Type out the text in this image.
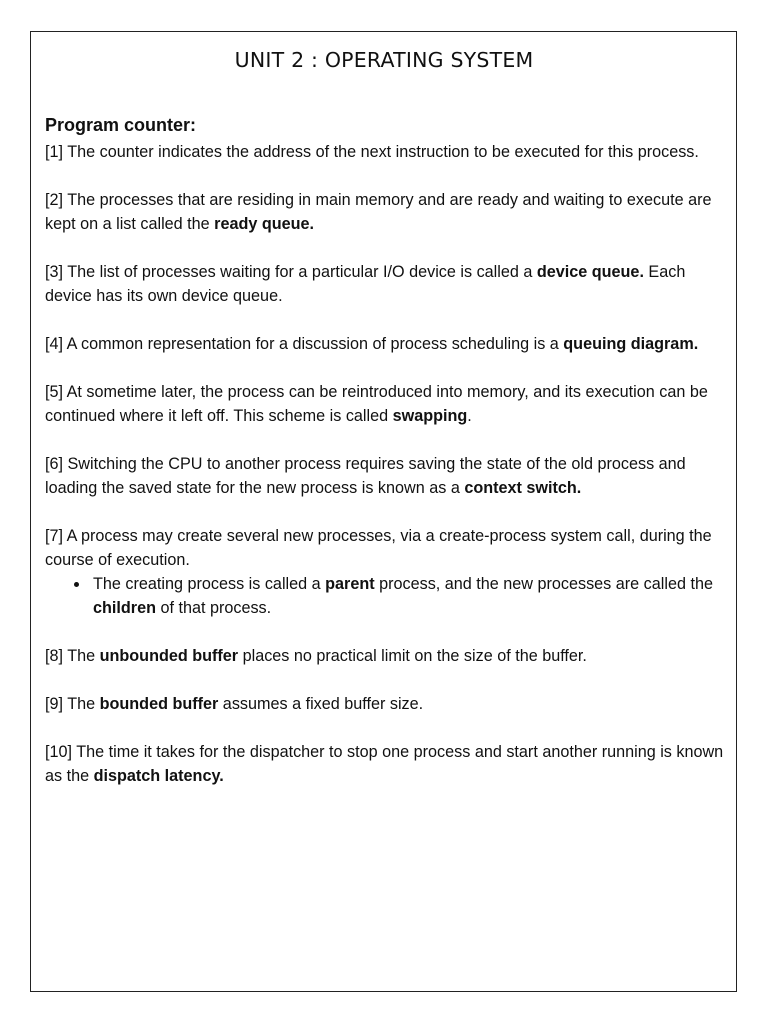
UNIT 2 : OPERATING SYSTEM
Program counter:
[1] The counter indicates the address of the next instruction to be executed for this process.
[2] The processes that are residing in main memory and are ready and waiting to execute are kept on a list called the ready queue.
[3] The list of processes waiting for a particular I/O device is called a device queue. Each device has its own device queue.
[4] A common representation for a discussion of process scheduling is a queuing diagram.
[5] At sometime later, the process can be reintroduced into memory, and its execution can be continued where it left off. This scheme is called swapping.
[6] Switching the CPU to another process requires saving the state of the old process and loading the saved state for the new process is known as a context switch.
[7] A process may create several new processes, via a create-process system call, during the course of execution.
The creating process is called a parent process, and the new processes are called the children of that process.
[8] The unbounded buffer places no practical limit on the size of the buffer.
[9] The bounded buffer assumes a fixed buffer size.
[10] The time it takes for the dispatcher to stop one process and start another running is known as the dispatch latency.
